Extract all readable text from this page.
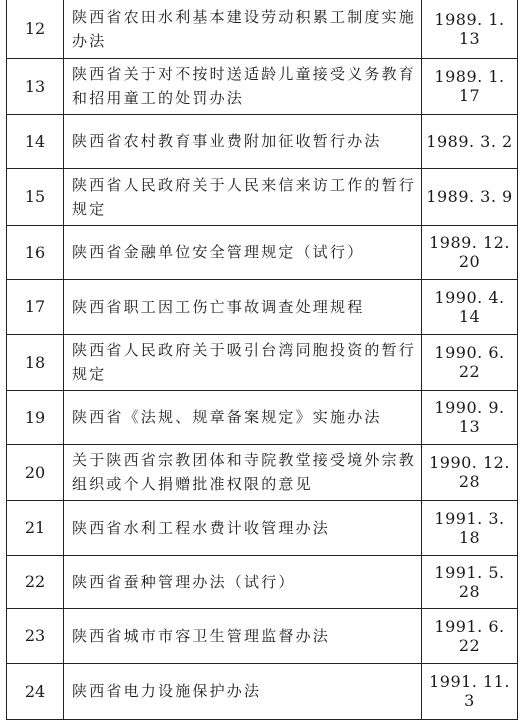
12	陕西省农田水利基本建设劳动积累工制度实施办法	1989. 1. 13
13	陕西省关于对不按时送适龄儿童接受义务教育和招用童工的处罚办法	1989. 1. 17
14	陕西省农村教育事业费附加征收暂行办法	1989. 3. 2
15	陕西省人民政府关于人民来信来访工作的暂行规定	1989. 3. 9
16	陕西省金融单位安全管理规定（试行）	1989. 12. 20
17	陕西省职工因工伤亡事故调查处理规程	1990. 4. 14
18	陕西省人民政府关于吸引台湾同胞投资的暂行规定	1990. 6. 22
19	陕西省《法规、规章备案规定》实施办法	1990. 9. 13
20	关于陕西省宗教团体和寺院教堂接受境外宗教组织或个人捐赠批准权限的意见	1990. 12. 28
21	陕西省水利工程水费计收管理办法	1991. 3. 18
22	陕西省蚕种管理办法（试行）	1991. 5. 28
23	陕西省城市市容卫生管理监督办法	1991. 6. 22
24	陕西省电力设施保护办法	1991. 11. 3
